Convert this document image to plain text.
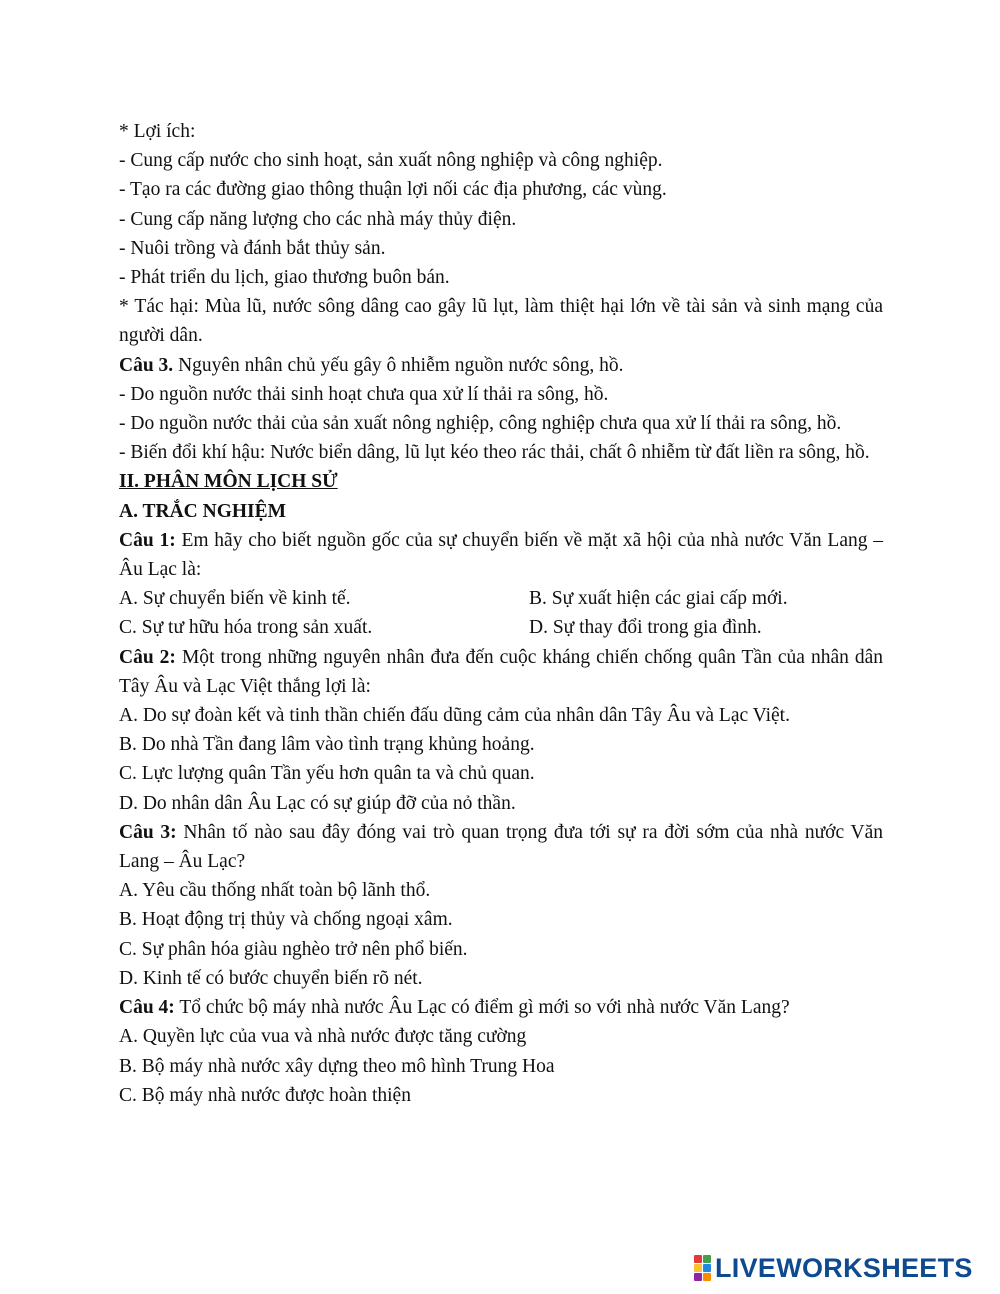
* Lợi ích:
- Cung cấp nước cho sinh hoạt, sản xuất nông nghiệp và công nghiệp.
- Tạo ra các đường giao thông thuận lợi nối các địa phương, các vùng.
- Cung cấp năng lượng cho các nhà máy thủy điện.
- Nuôi trồng và đánh bắt thủy sản.
- Phát triển du lịch, giao thương buôn bán.
* Tác hại: Mùa lũ, nước sông dâng cao gây lũ lụt, làm thiệt hại lớn về tài sản và sinh mạng của người dân.
Câu 3. Nguyên nhân chủ yếu gây ô nhiễm nguồn nước sông, hồ.
- Do nguồn nước thải sinh hoạt chưa qua xử lí thải ra sông, hồ.
- Do nguồn nước thải của sản xuất nông nghiệp, công nghiệp chưa qua xử lí thải ra sông, hồ.
- Biến đổi khí hậu: Nước biển dâng, lũ lụt kéo theo rác thải, chất ô nhiễm từ đất liền ra sông, hồ.
II. PHÂN MÔN LỊCH SỬ
A. TRẮC NGHIỆM
Câu 1: Em hãy cho biết nguồn gốc của sự chuyển biến về mặt xã hội của nhà nước Văn Lang – Âu Lạc là:
A. Sự chuyển biến về kinh tế.	B. Sự xuất hiện các giai cấp mới.
C. Sự tư hữu hóa trong sản xuất.	D. Sự thay đổi trong gia đình.
Câu 2: Một trong những nguyên nhân đưa đến cuộc kháng chiến chống quân Tần của nhân dân Tây Âu và Lạc Việt thắng lợi là:
A. Do sự đoàn kết và tinh thần chiến đấu dũng cảm của nhân dân Tây Âu và Lạc Việt.
B. Do nhà Tần đang lâm vào tình trạng khủng hoảng.
C. Lực lượng quân Tần yếu hơn quân ta và chủ quan.
D. Do nhân dân Âu Lạc có sự giúp đỡ của nỏ thần.
Câu 3: Nhân tố nào sau đây đóng vai trò quan trọng đưa tới sự ra đời sớm của nhà nước Văn Lang – Âu Lạc?
A. Yêu cầu thống nhất toàn bộ lãnh thổ.
B. Hoạt động trị thủy và chống ngoại xâm.
C. Sự phân hóa giàu nghèo trở nên phổ biến.
D. Kinh tế có bước chuyển biến rõ nét.
Câu 4: Tổ chức bộ máy nhà nước Âu Lạc có điểm gì mới so với nhà nước Văn Lang?
A. Quyền lực của vua và nhà nước được tăng cường
B. Bộ máy nhà nước xây dựng theo mô hình Trung Hoa
C. Bộ máy nhà nước được hoàn thiện
LIVEWORKSHEETS
